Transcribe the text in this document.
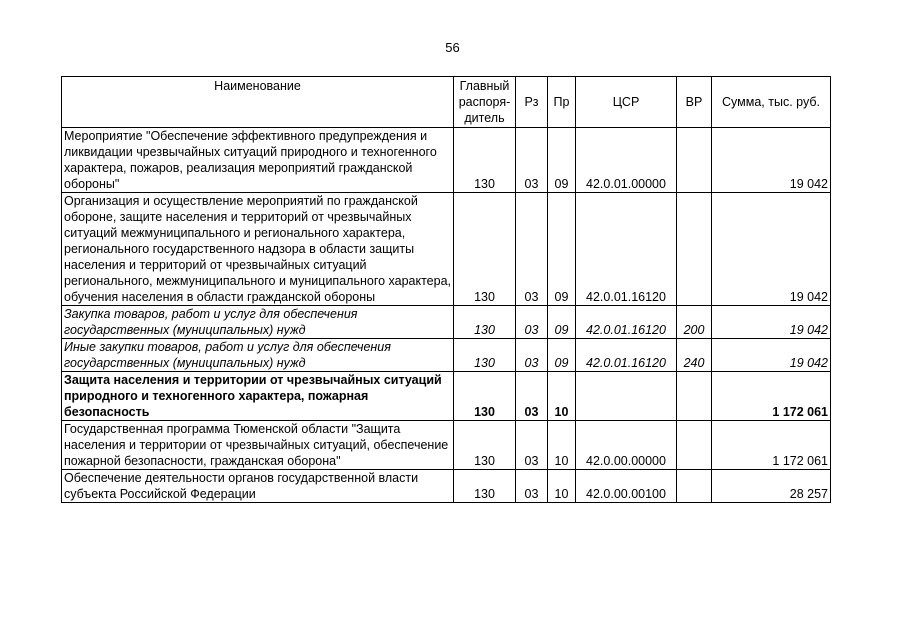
56
Наименование	Главный распоря-дитель	Рз	Пр	ЦСР	ВР	Сумма, тыс. руб.
Мероприятие "Обеспечение эффективного предупреждения и ликвидации чрезвычайных ситуаций природного и техногенного характера, пожаров, реализация мероприятий гражданской обороны"	130	03	09	42.0.01.00000		19 042
Организация и осуществление мероприятий по гражданской обороне, защите населения и территорий от чрезвычайных ситуаций межмуниципального и регионального характера, регионального государственного надзора в области защиты населения и территорий от чрезвычайных ситуаций регионального, межмуниципального и муниципального характера, обучения населения в области гражданской обороны	130	03	09	42.0.01.16120		19 042
Закупка товаров, работ и услуг для обеспечения государственных (муниципальных) нужд	130	03	09	42.0.01.16120	200	19 042
Иные закупки товаров, работ и услуг для обеспечения государственных (муниципальных) нужд	130	03	09	42.0.01.16120	240	19 042
Защита населения и территории от чрезвычайных ситуаций природного и техногенного характера, пожарная безопасность	130	03	10			1 172 061
Государственная программа Тюменской области "Защита населения и территории от чрезвычайных ситуаций, обеспечение пожарной безопасности, гражданская оборона"	130	03	10	42.0.00.00000		1 172 061
Обеспечение деятельности органов государственной власти субъекта Российской Федерации	130	03	10	42.0.00.00100		28 257
